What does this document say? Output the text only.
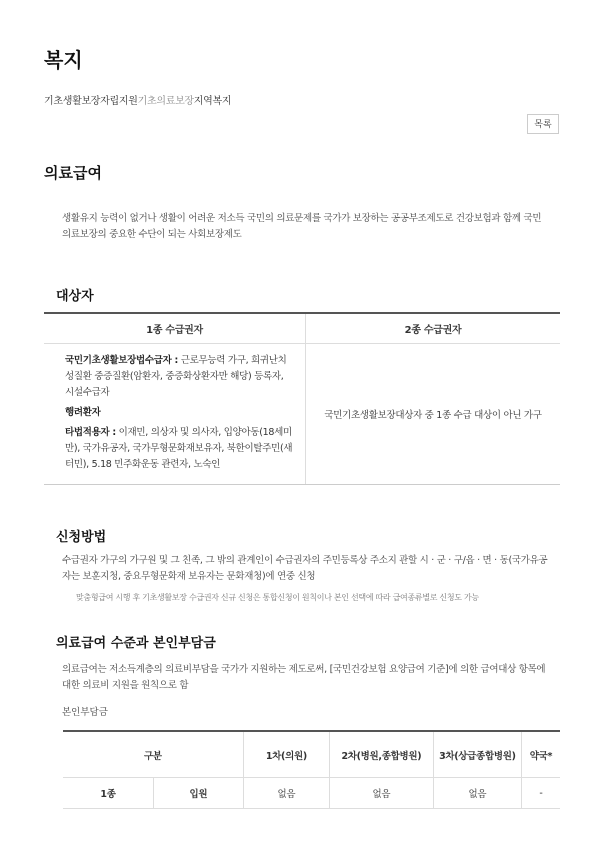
복지
기초생활보장자립지원기초의료보장지역복지
목록
의료급여
생활유지 능력이 없거나 생활이 어려운 저소득 국민의 의료문제를 국가가 보장하는 공공부조제도로 건강보험과 함께 국민 의료보장의 중요한 수단이 되는 사회보장제도
대상자
1종 수급권자	2종 수급권자

국민기초생활보장법수급자 : 근로무능력 가구, 희귀난치성질환 중증질환(암환자, 중증화상환자만 해당) 등록자, 시설수급자
행려환자
타법적용자 : 이재민, 의상자 및 의사자, 입양아동(18세미만), 국가유공자, 국가무형문화재보유자, 북한이탈주민(새터민), 5.18 민주화운동 관련자, 노숙인	국민기초생활보장대상자 중 1종 수급 대상이 아닌 가구
신청방법
수급권자 가구의 가구원 및 그 친족, 그 밖의 관계인이 수급권자의 주민등록상 주소지 관할 시 · 군 · 구/읍 · 면 · 동(국가유공자는 보훈지청, 중요무형문화재 보유자는 문화재청)에 연중 신청
맞춤형급여 시행 후 기초생활보장 수급권자 신규 신청은 통합신청이 원칙이나 본인 선택에 따라 급여종류별로 신청도 가능
의료급여 수준과 본인부담금
의료급여는 저소득계층의 의료비부담을 국가가 지원하는 제도로써, [국민건강보험 요양급여 기준]에 의한 급여대상 항목에 대한 의료비 지원을 원칙으로 함
본인부담금
구분		1차(의원)	2차(병원,종합병원)	3차(상급종합병원)	약국*
1종	입원	없음	없음	없음	-
